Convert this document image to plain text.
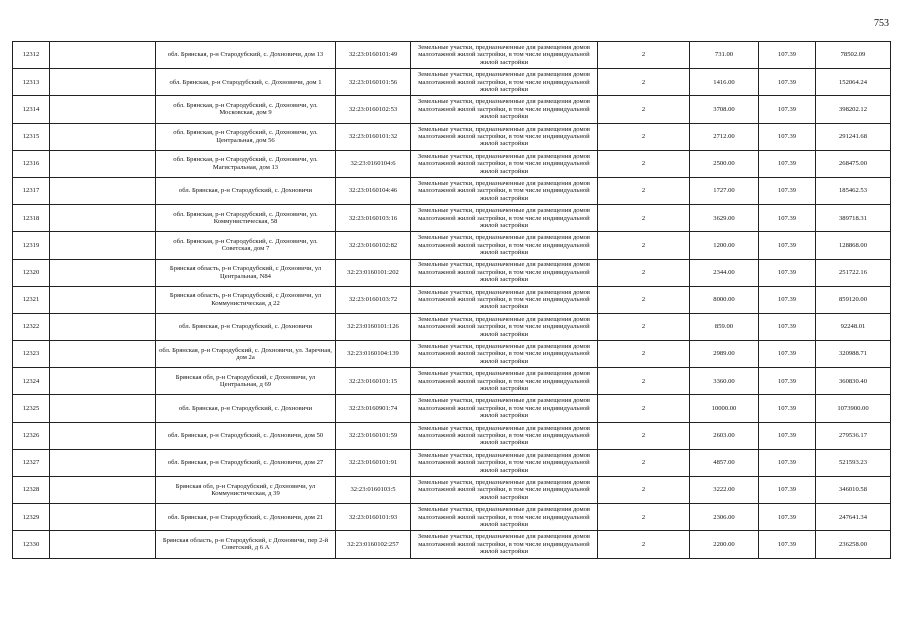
753
12312		обл. Брянская, р-н Стародубский, с. Дохновичи, дом 13	32:23:0160101:49	Земельные участки, предназначенные для размещения домов малоэтажной жилой застройки, в том числе индивидуальной жилой застройки	2	731.00	107.39	78502.09
12313		обл. Брянская, р-н Стародубский, с. Дохновичи, дом 1	32:23:0160101:56	Земельные участки, предназначенные для размещения домов малоэтажной жилой застройки, в том числе индивидуальной жилой застройки	2	1416.00	107.39	152064.24
12314		обл. Брянская, р-н Стародубский, с. Дохновичи, ул. Московская, дом 9	32:23:0160102:53	Земельные участки, предназначенные для размещения домов малоэтажной жилой застройки, в том числе индивидуальной жилой застройки	2	3708.00	107.39	398202.12
12315		обл. Брянская, р-н Стародубский, с. Дохновичи, ул. Центральная, дом 56	32:23:0160101:32	Земельные участки, предназначенные для размещения домов малоэтажной жилой застройки, в том числе индивидуальной жилой застройки	2	2712.00	107.39	291241.68
12316		обл. Брянская, р-н Стародубский, с. Дохновичи, ул. Магистральная, дом 13	32:23:0160104:6	Земельные участки, предназначенные для размещения домов малоэтажной жилой застройки, в том числе индивидуальной жилой застройки	2	2500.00	107.39	268475.00
12317		обл. Брянская, р-н Стародубский, с. Дохновичи	32:23:0160104:46	Земельные участки, предназначенные для размещения домов малоэтажной жилой застройки, в том числе индивидуальной жилой застройки	2	1727.00	107.39	185462.53
12318		обл. Брянская, р-н Стародубский, с. Дохновичи, ул. Коммунистическая, 58	32:23:0160103:16	Земельные участки, предназначенные для размещения домов малоэтажной жилой застройки, в том числе индивидуальной жилой застройки	2	3629.00	107.39	389718.31
12319		обл. Брянская, р-н Стародубский, с. Дохновичи, ул. Советская, дом 7	32:23:0160102:82	Земельные участки, предназначенные для размещения домов малоэтажной жилой застройки, в том числе индивидуальной жилой застройки	2	1200.00	107.39	128868.00
12320		Брянская область, р-н Стародубский, с Дохновичи, ул Центральная, N84	32:23:0160101:202	Земельные участки, предназначенные для размещения домов малоэтажной жилой застройки, в том числе индивидуальной жилой застройки	2	2344.00	107.39	251722.16
12321		Брянская область, р-н Стародубский, с Дохновичи, ул Коммунистическая, д 22	32:23:0160103:72	Земельные участки, предназначенные для размещения домов малоэтажной жилой застройки, в том числе индивидуальной жилой застройки	2	8000.00	107.39	859120.00
12322		обл. Брянская, р-н Стародубский, с. Дохновичи	32:23:0160101:126	Земельные участки, предназначенные для размещения домов малоэтажной жилой застройки, в том числе индивидуальной жилой застройки	2	859.00	107.39	92248.01
12323		обл. Брянская, р-н Стародубский, с. Дохновичи, ул. Заречная, дом 2а	32:23:0160104:139	Земельные участки, предназначенные для размещения домов малоэтажной жилой застройки, в том числе индивидуальной жилой застройки	2	2989.00	107.39	320988.71
12324		Брянская обл, р-н Стародубский, с Дохновичи, ул Центральная, д 69	32:23:0160101:15	Земельные участки, предназначенные для размещения домов малоэтажной жилой застройки, в том числе индивидуальной жилой застройки	2	3360.00	107.39	360830.40
12325		обл. Брянская, р-н Стародубский, с. Дохновичи	32:23:0160901:74	Земельные участки, предназначенные для размещения домов малоэтажной жилой застройки, в том числе индивидуальной жилой застройки	2	10000.00	107.39	1073900.00
12326		обл. Брянская, р-н Стародубский, с. Дохновичи, дом 50	32:23:0160101:59	Земельные участки, предназначенные для размещения домов малоэтажной жилой застройки, в том числе индивидуальной жилой застройки	2	2603.00	107.39	279536.17
12327		обл. Брянская, р-н Стародубский, с. Дохновичи, дом 27	32:23:0160101:91	Земельные участки, предназначенные для размещения домов малоэтажной жилой застройки, в том числе индивидуальной жилой застройки	2	4857.00	107.39	521593.23
12328		Брянская обл, р-н Стародубский, с Дохновичи, ул Коммунистическая, д 39	32:23:0160103:5	Земельные участки, предназначенные для размещения домов малоэтажной жилой застройки, в том числе индивидуальной жилой застройки	2	3222.00	107.39	346010.58
12329		обл. Брянская, р-н Стародубский, с. Дохновичи, дом 21	32:23:0160101:93	Земельные участки, предназначенные для размещения домов малоэтажной жилой застройки, в том числе индивидуальной жилой застройки	2	2306.00	107.39	247641.34
12330		Брянская область, р-н Стародубский, с Дохновичи, пер 2-й Советский, д 6 А	32:23:0160102:257	Земельные участки, предназначенные для размещения домов малоэтажной жилой застройки, в том числе индивидуальной жилой застройки	2	2200.00	107.39	236258.00
